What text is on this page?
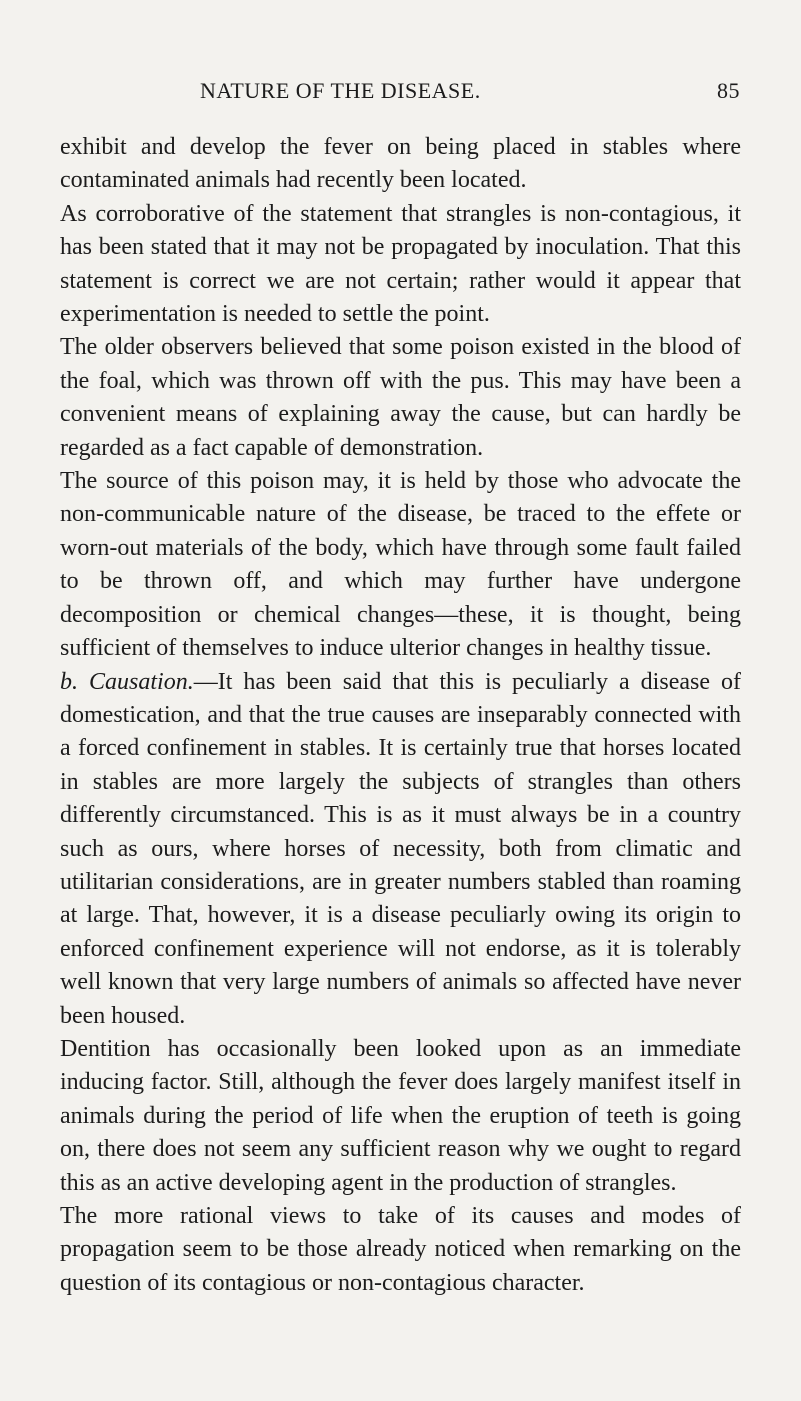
NATURE OF THE DISEASE.	85

exhibit and develop the fever on being placed in stables where contaminated animals had recently been located.

As corroborative of the statement that strangles is non-contagious, it has been stated that it may not be propagated by inoculation. That this statement is correct we are not certain; rather would it appear that experimentation is needed to settle the point.

The older observers believed that some poison existed in the blood of the foal, which was thrown off with the pus. This may have been a convenient means of explaining away the cause, but can hardly be regarded as a fact capable of demonstration.

The source of this poison may, it is held by those who advocate the non-communicable nature of the disease, be traced to the effete or worn-out materials of the body, which have through some fault failed to be thrown off, and which may further have undergone decomposition or chemical changes—these, it is thought, being sufficient of themselves to induce ulterior changes in healthy tissue.

b. Causation.—It has been said that this is peculiarly a disease of domestication, and that the true causes are inseparably connected with a forced confinement in stables. It is certainly true that horses located in stables are more largely the subjects of strangles than others differently circumstanced. This is as it must always be in a country such as ours, where horses of necessity, both from climatic and utilitarian considerations, are in greater numbers stabled than roaming at large. That, however, it is a disease peculiarly owing its origin to enforced confinement experience will not endorse, as it is tolerably well known that very large numbers of animals so affected have never been housed.

Dentition has occasionally been looked upon as an immediate inducing factor. Still, although the fever does largely manifest itself in animals during the period of life when the eruption of teeth is going on, there does not seem any sufficient reason why we ought to regard this as an active developing agent in the production of strangles.

The more rational views to take of its causes and modes of propagation seem to be those already noticed when remarking on the question of its contagious or non-contagious character.
